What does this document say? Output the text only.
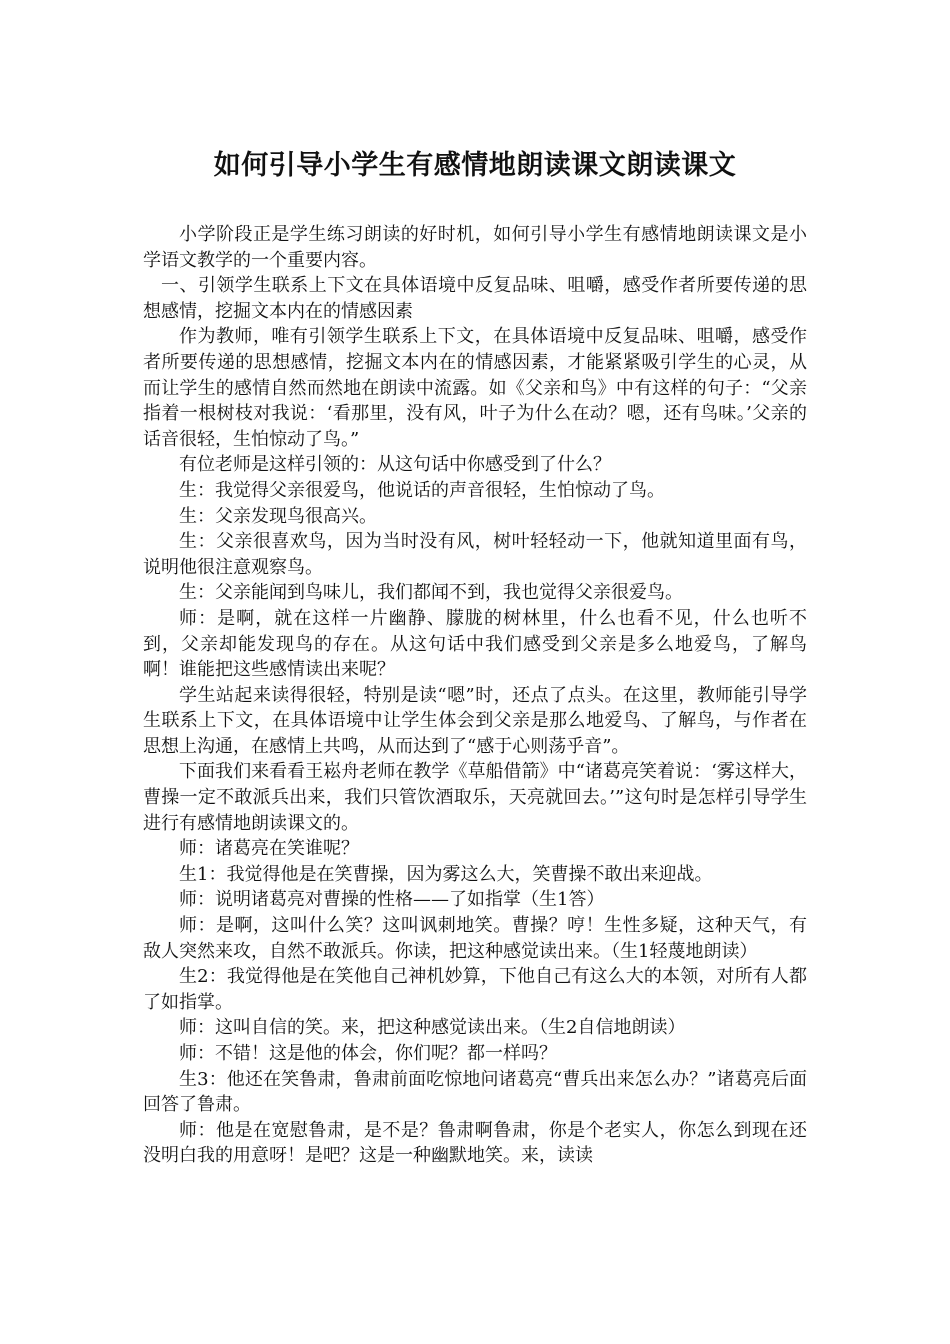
如何引导小学生有感情地朗读课文朗读课文

小学阶段正是学生练习朗读的好时机，如何引导小学生有感情地朗读课文是小学语文教学的一个重要内容。

一、引领学生联系上下文在具体语境中反复品味、咀嚼，感受作者所要传递的思想感情，挖掘文本内在的情感因素

作为教师，唯有引领学生联系上下文，在具体语境中反复品味、咀嚼，感受作者所要传递的思想感情，挖掘文本内在的情感因素，才能紧紧吸引学生的心灵，从而让学生的感情自然而然地在朗读中流露。如《父亲和鸟》中有这样的句子：“父亲指着一根树枝对我说：‘看那里，没有风，叶子为什么在动？嗯，还有鸟味。’父亲的话音很轻，生怕惊动了鸟。”

有位老师是这样引领的：从这句话中你感受到了什么？

生：我觉得父亲很爱鸟，他说话的声音很轻，生怕惊动了鸟。

生：父亲发现鸟很高兴。

生：父亲很喜欢鸟，因为当时没有风，树叶轻轻动一下，他就知道里面有鸟，说明他很注意观察鸟。

生：父亲能闻到鸟味儿，我们都闻不到，我也觉得父亲很爱鸟。

师：是啊，就在这样一片幽静、朦胧的树林里，什么也看不见，什么也听不到，父亲却能发现鸟的存在。从这句话中我们感受到父亲是多么地爱鸟，了解鸟啊！谁能把这些感情读出来呢？

学生站起来读得很轻，特别是读“嗯”时，还点了点头。在这里，教师能引导学生联系上下文，在具体语境中让学生体会到父亲是那么地爱鸟、了解鸟，与作者在思想上沟通，在感情上共鸣，从而达到了“感于心则荡乎音”。

下面我们来看看王崧舟老师在教学《草船借箭》中“诸葛亮笑着说：‘雾这样大，曹操一定不敢派兵出来，我们只管饮酒取乐，天亮就回去。’”这句时是怎样引导学生进行有感情地朗读课文的。

师：诸葛亮在笑谁呢？

生1：我觉得他是在笑曹操，因为雾这么大，笑曹操不敢出来迎战。

师：说明诸葛亮对曹操的性格——了如指掌（生1答）

师：是啊，这叫什么笑？这叫讽刺地笑。曹操？哼！生性多疑，这种天气，有敌人突然来攻，自然不敢派兵。你读，把这种感觉读出来。（生1轻蔑地朗读）

生2：我觉得他是在笑他自己神机妙算，下他自己有这么大的本领，对所有人都了如指掌。

师：这叫自信的笑。来，把这种感觉读出来。（生2自信地朗读）

师：不错！这是他的体会，你们呢？都一样吗？

生3：他还在笑鲁肃，鲁肃前面吃惊地问诸葛亮“曹兵出来怎么办？”诸葛亮后面回答了鲁肃。

师：他是在宽慰鲁肃，是不是？鲁肃啊鲁肃，你是个老实人，你怎么到现在还没明白我的用意呀！是吧？这是一种幽默地笑。来，读读
